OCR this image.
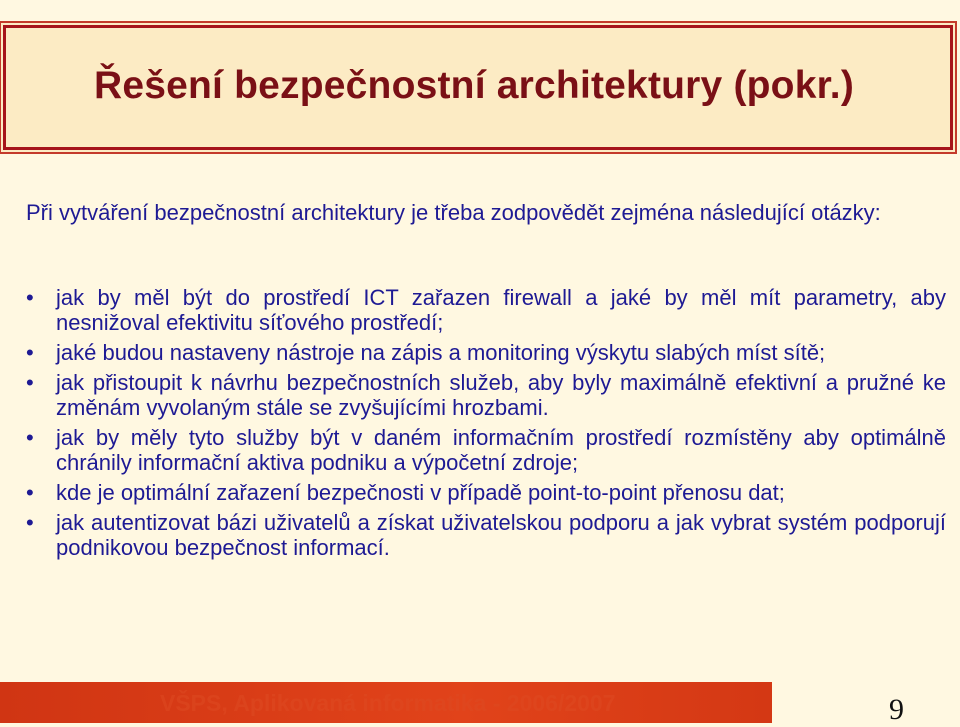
Řešení bezpečnostní architektury (pokr.)
Při vytváření bezpečnostní architektury je třeba zodpovědět zejména následující otázky:
• jak by měl být do prostředí ICT zařazen firewall a jaké by měl mít parametry, aby nesnižoval efektivitu síťového prostředí;
• jaké budou nastaveny nástroje na zápis a monitoring výskytu slabých míst sítě;
• jak přistoupit k návrhu bezpečnostních služeb, aby byly maximálně efektivní a pružné ke změnám vyvolaným stále se zvyšujícími hrozbami.
• jak by měly tyto služby být v daném informačním prostředí rozmístěny aby optimálně chránily informační aktiva podniku a výpočetní zdroje;
• kde je optimální zařazení bezpečnosti v případě point-to-point přenosu dat;
• jak autentizovat bázi uživatelů a získat uživatelskou podporu a jak vybrat systém podporují podnikovou bezpečnost informací.
VŠPS, Aplikovaná informatika - 2006/2007	9
